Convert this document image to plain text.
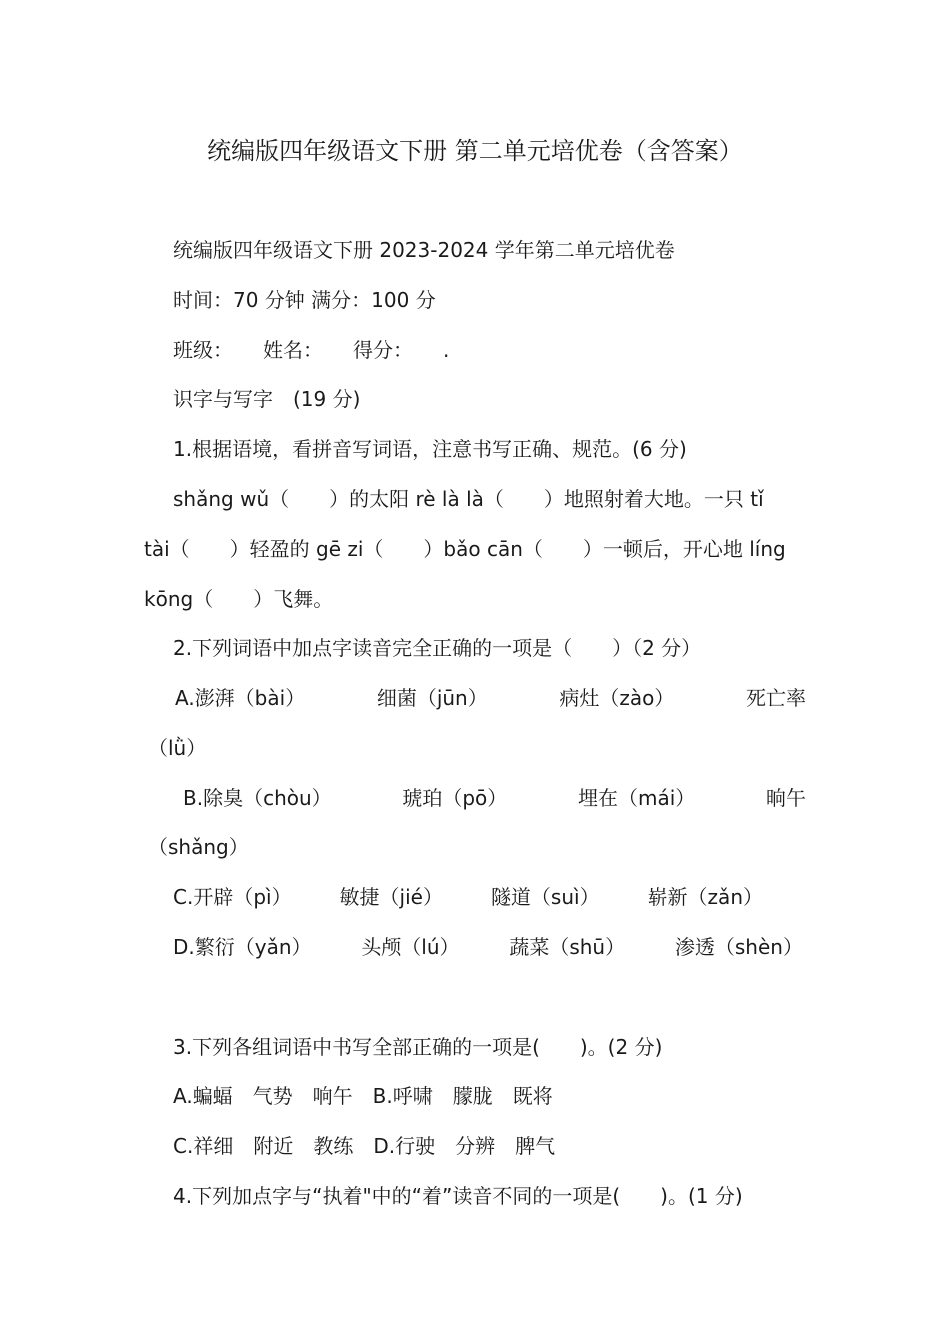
统编版四年级语文下册 第二单元培优卷（含答案）
统编版四年级语文下册 2023-2024 学年第二单元培优卷
时间：70 分钟 满分：100 分
班级：　　姓名：　　得分：　　.
识字与写字　(19 分)
1.根据语境，看拼音写词语，注意书写正确、规范。(6 分)
shǎng wǔ（　　）的太阳 rè là là（　　）地照射着大地。一只 tǐ
tài（　　）轻盈的 gē zi（　　）bǎo cān（　　）一顿后，开心地 líng
kōng（　　）飞舞。
2.下列词语中加点字读音完全正确的一项是（　　）（2 分）
A.澎湃（bài）	细菌（jūn）	病灶（zào）	死亡率
（lǜ）
B.除臭（chòu）	琥珀（pō）	埋在（mái）	晌午
（shǎng）
C.开辟（pì） 敏捷（jié） 隧道（suì） 崭新（zǎn）
D.繁衍（yǎn） 头颅（lú） 蔬菜（shū） 渗透（shèn）
3.下列各组词语中书写全部正确的一项是(　　)。(2 分)
A.蝙蝠　气势　响午　B.呼啸　朦胧　既将
C.祥细　附近　教练　D.行驶　分辨　脾气
4.下列加点字与“执着"中的“着”读音不同的一项是(　　)。(1 分)
